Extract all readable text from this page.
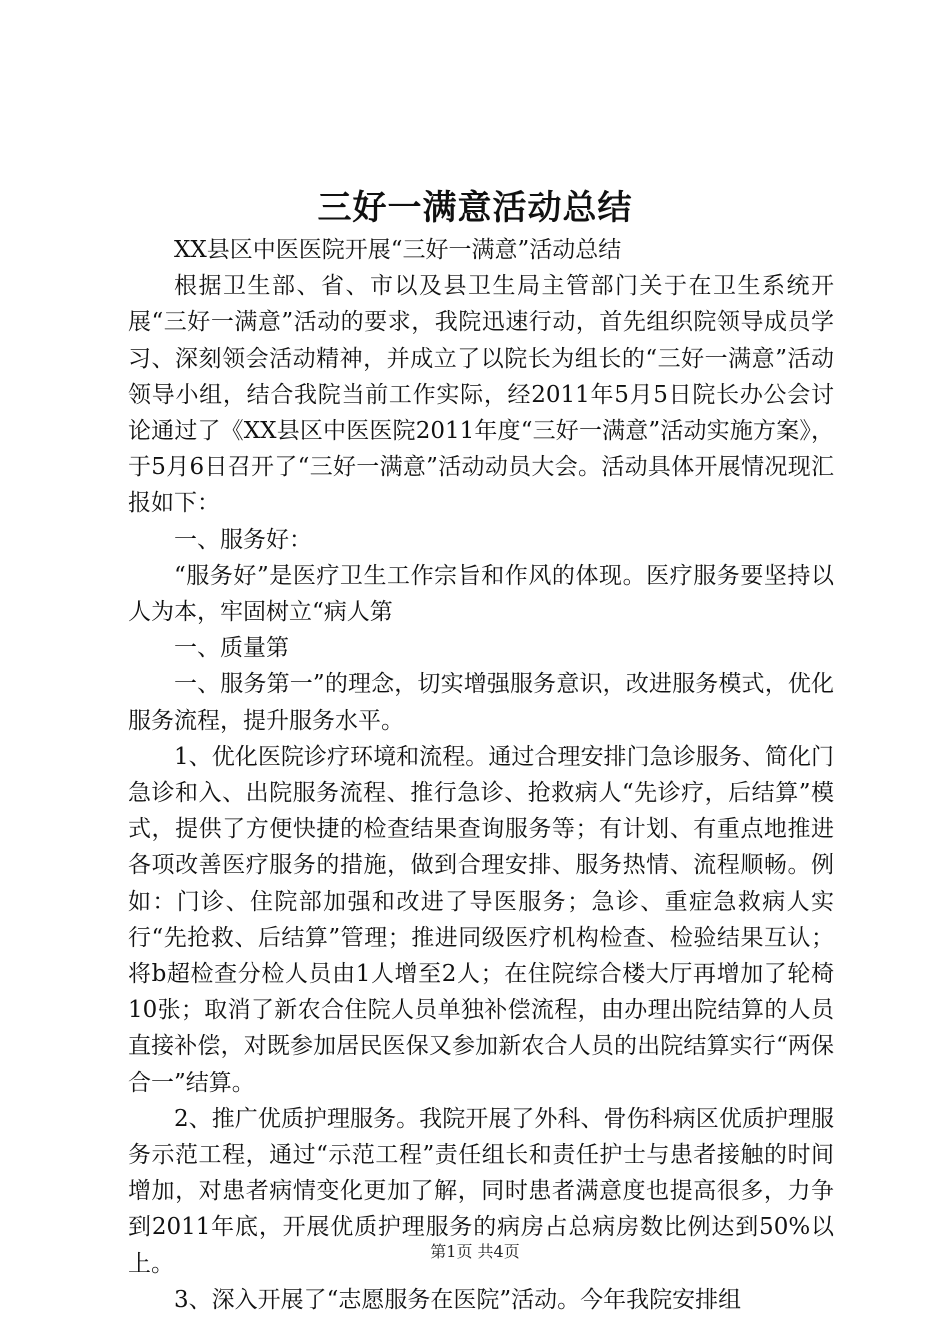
三好一满意活动总结

XX县区中医医院开展“三好一满意”活动总结

根据卫生部、省、市以及县卫生局主管部门关于在卫生系统开展“三好一满意”活动的要求，我院迅速行动，首先组织院领导成员学习、深刻领会活动精神，并成立了以院长为组长的“三好一满意”活动领导小组，结合我院当前工作实际，经2011年5月5日院长办公会讨论通过了《XX县区中医医院2011年度“三好一满意”活动实施方案》，于5月6日召开了“三好一满意”活动动员大会。活动具体开展情况现汇报如下：

一、服务好：

“服务好”是医疗卫生工作宗旨和作风的体现。医疗服务要坚持以人为本，牢固树立“病人第

一、质量第

一、服务第一”的理念，切实增强服务意识，改进服务模式，优化服务流程，提升服务水平。

1、优化医院诊疗环境和流程。通过合理安排门急诊服务、简化门急诊和入、出院服务流程、推行急诊、抢救病人“先诊疗，后结算”模式，提供了方便快捷的检查结果查询服务等；有计划、有重点地推进各项改善医疗服务的措施，做到合理安排、服务热情、流程顺畅。例如：门诊、住院部加强和改进了导医服务；急诊、重症急救病人实行“先抢救、后结算”管理；推进同级医疗机构检查、检验结果互认；将b超检查分检人员由1人增至2人；在住院综合楼大厅再增加了轮椅10张；取消了新农合住院人员单独补偿流程，由办理出院结算的人员直接补偿，对既参加居民医保又参加新农合人员的出院结算实行“两保合一”结算。

2、推广优质护理服务。我院开展了外科、骨伤科病区优质护理服务示范工程，通过“示范工程”责任组长和责任护士与患者接触的时间增加，对患者病情变化更加了解，同时患者满意度也提高很多，力争到2011年底，开展优质护理服务的病房占总病房数比例达到50%以上。

3、深入开展了“志愿服务在医院”活动。今年我院安排组

第1页 共4页
